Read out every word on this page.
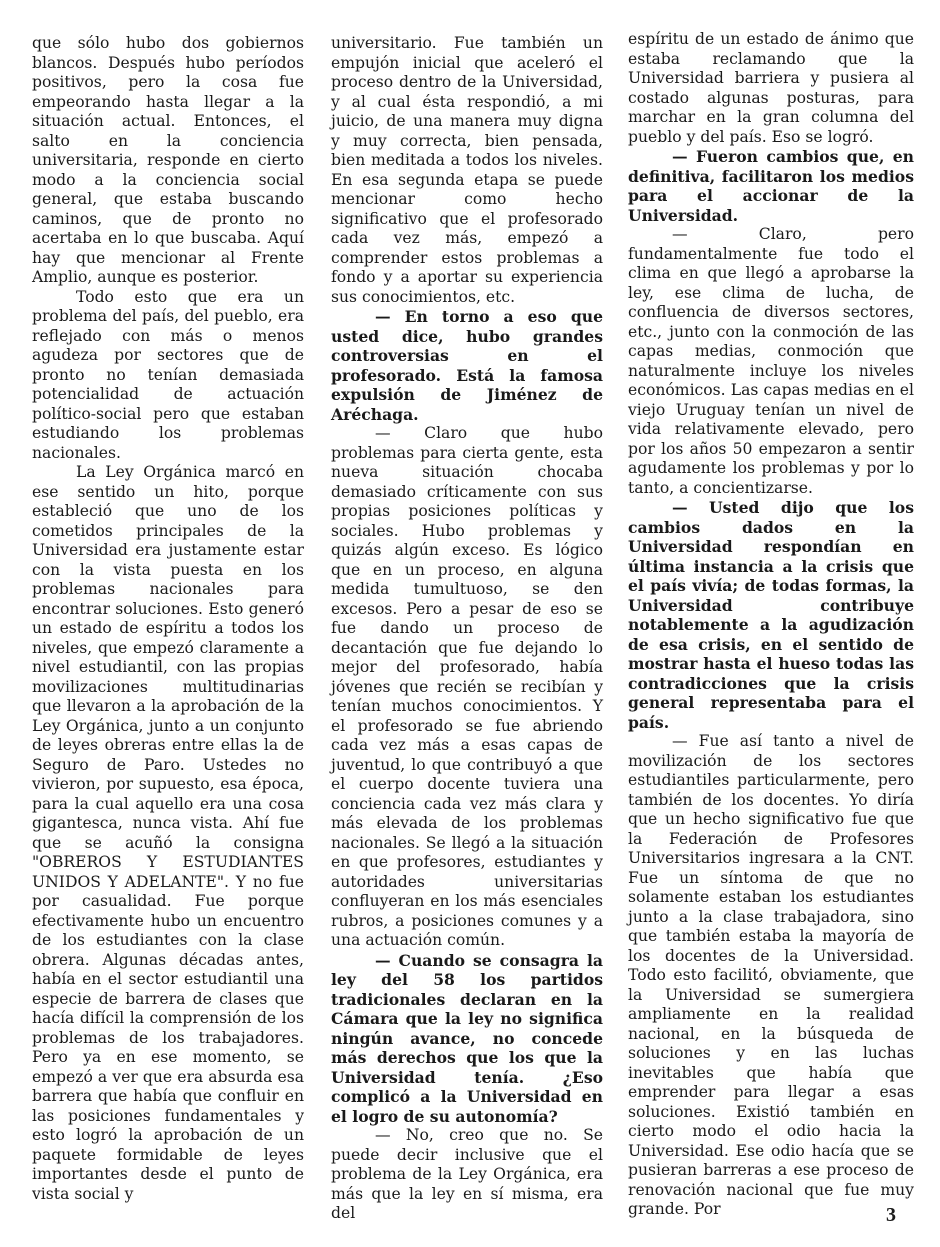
que sólo hubo dos gobiernos blancos. Después hubo períodos positivos, pero la cosa fue empeorando hasta llegar a la situación actual. Entonces, el salto en la conciencia universitaria, responde en cierto modo a la conciencia social general, que estaba buscando caminos, que de pronto no acertaba en lo que buscaba. Aquí hay que mencionar al Frente Amplio, aunque es posterior.

Todo esto que era un problema del país, del pueblo, era reflejado con más o menos agudeza por sectores que de pronto no tenían demasiada potencialidad de actuación político-social pero que estaban estudiando los problemas nacionales.

La Ley Orgánica marcó en ese sentido un hito, porque estableció que uno de los cometidos principales de la Universidad era justamente estar con la vista puesta en los problemas nacionales para encontrar soluciones. Esto generó un estado de espíritu a todos los niveles, que empezó claramente a nivel estudiantil, con las propias movilizaciones multitudinarias que llevaron a la aprobación de la Ley Orgánica, junto a un conjunto de leyes obreras entre ellas la de Seguro de Paro. Ustedes no vivieron, por supuesto, esa época, para la cual aquello era una cosa gigantesca, nunca vista. Ahí fue que se acuñó la consigna "OBREROS Y ESTUDIANTES UNIDOS Y ADELANTE". Y no fue por casualidad. Fue porque efectivamente hubo un encuentro de los estudiantes con la clase obrera. Algunas décadas antes, había en el sector estudiantil una especie de barrera de clases que hacía difícil la comprensión de los problemas de los trabajadores. Pero ya en ese momento, se empezó a ver que era absurda esa barrera que había que confluir en las posiciones fundamentales y esto logró la aprobación de un paquete formidable de leyes importantes desde el punto de vista social y

universitario. Fue también un empujón inicial que aceleró el proceso dentro de la Universidad, y al cual ésta respondió, a mi juicio, de una manera muy digna y muy correcta, bien pensada, bien meditada a todos los niveles. En esa segunda etapa se puede mencionar como hecho significativo que el profesorado cada vez más, empezó a comprender estos problemas a fondo y a aportar su experiencia sus conocimientos, etc.

— En torno a eso que usted dice, hubo grandes controversias en el profesorado. Está la famosa expulsión de Jiménez de Aréchaga.

— Claro que hubo problemas para cierta gente, esta nueva situación chocaba demasiado críticamente con sus propias posiciones políticas y sociales. Hubo problemas y quizás algún exceso. Es lógico que en un proceso, en alguna medida tumultuoso, se den excesos. Pero a pesar de eso se fue dando un proceso de decantación que fue dejando lo mejor del profesorado, había jóvenes que recién se recibían y tenían muchos conocimientos. Y el profesorado se fue abriendo cada vez más a esas capas de juventud, lo que contribuyó a que el cuerpo docente tuviera una conciencia cada vez más clara y más elevada de los problemas nacionales. Se llegó a la situación en que profesores, estudiantes y autoridades universitarias confluyeran en los más esenciales rubros, a posiciones comunes y a una actuación común.

— Cuando se consagra la ley del 58 los partidos tradicionales declaran en la Cámara que la ley no significa ningún avance, no concede más derechos que los que la Universidad tenía. ¿Eso complicó a la Universidad en el logro de su autonomía?

— No, creo que no. Se puede decir inclusive que el problema de la Ley Orgánica, era más que la ley en sí misma, era del

espíritu de un estado de ánimo que estaba reclamando que la Universidad barriera y pusiera al costado algunas posturas, para marchar en la gran columna del pueblo y del país. Eso se logró.

— Fueron cambios que, en definitiva, facilitaron los medios para el accionar de la Universidad.

— Claro, pero fundamentalmente fue todo el clima en que llegó a aprobarse la ley, ese clima de lucha, de confluencia de diversos sectores, etc., junto con la conmoción de las capas medias, conmoción que naturalmente incluye los niveles económicos. Las capas medias en el viejo Uruguay tenían un nivel de vida relativamente elevado, pero por los años 50 empezaron a sentir agudamente los problemas y por lo tanto, a concientizarse.

— Usted dijo que los cambios dados en la Universidad respondían en última instancia a la crisis que el país vivía; de todas formas, la Universidad contribuye notablemente a la agudización de esa crisis, en el sentido de mostrar hasta el hueso todas las contradicciones que la crisis general representaba para el país.

— Fue así tanto a nivel de movilización de los sectores estudiantiles particularmente, pero también de los docentes. Yo diría que un hecho significativo fue que la Federación de Profesores Universitarios ingresara a la CNT. Fue un síntoma de que no solamente estaban los estudiantes junto a la clase trabajadora, sino que también estaba la mayoría de los docentes de la Universidad. Todo esto facilitó, obviamente, que la Universidad se sumergiera ampliamente en la realidad nacional, en la búsqueda de soluciones y en las luchas inevitables que había que emprender para llegar a esas soluciones. Existió también en cierto modo el odio hacia la Universidad. Ese odio hacía que se pusieran barreras a ese proceso de renovación nacional que fue muy grande. Por	3
